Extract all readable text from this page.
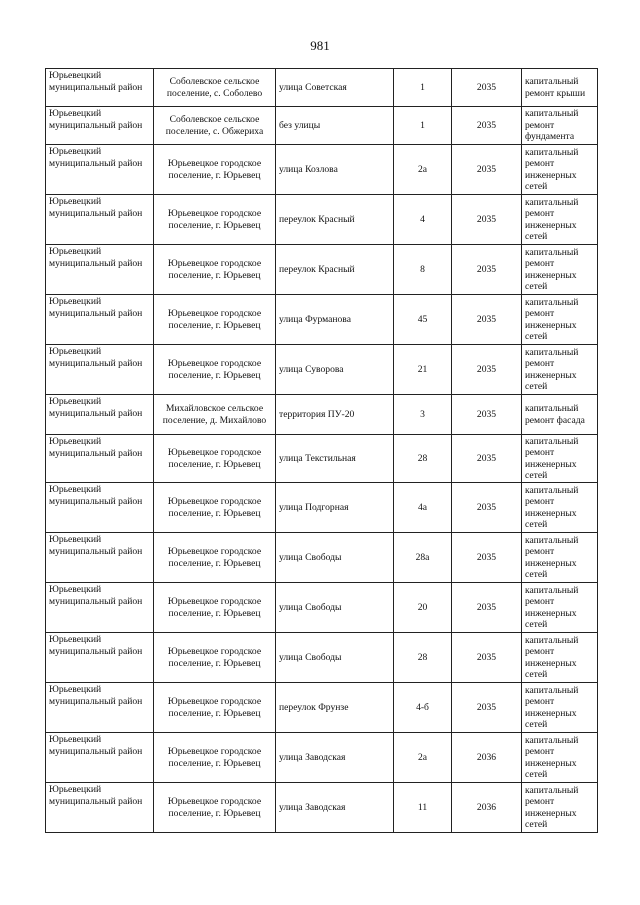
981
Юрьевецкий муниципальный район	Соболевское сельское поселение, с. Соболево	улица Советская	1	2035	капитальный ремонт крыши
Юрьевецкий муниципальный район	Соболевское сельское поселение, с. Обжериха	без улицы	1	2035	капитальный ремонт фундамента
Юрьевецкий муниципальный район	Юрьевецкое городское поселение, г. Юрьевец	улица Козлова	2а	2035	капитальный ремонт инженерных сетей
Юрьевецкий муниципальный район	Юрьевецкое городское поселение, г. Юрьевец	переулок Красный	4	2035	капитальный ремонт инженерных сетей
Юрьевецкий муниципальный район	Юрьевецкое городское поселение, г. Юрьевец	переулок Красный	8	2035	капитальный ремонт инженерных сетей
Юрьевецкий муниципальный район	Юрьевецкое городское поселение, г. Юрьевец	улица Фурманова	45	2035	капитальный ремонт инженерных сетей
Юрьевецкий муниципальный район	Юрьевецкое городское поселение, г. Юрьевец	улица Суворова	21	2035	капитальный ремонт инженерных сетей
Юрьевецкий муниципальный район	Михайловское сельское поселение, д. Михайлово	территория ПУ-20	3	2035	капитальный ремонт фасада
Юрьевецкий муниципальный район	Юрьевецкое городское поселение, г. Юрьевец	улица Текстильная	28	2035	капитальный ремонт инженерных сетей
Юрьевецкий муниципальный район	Юрьевецкое городское поселение, г. Юрьевец	улица Подгорная	4а	2035	капитальный ремонт инженерных сетей
Юрьевецкий муниципальный район	Юрьевецкое городское поселение, г. Юрьевец	улица Свободы	28а	2035	капитальный ремонт инженерных сетей
Юрьевецкий муниципальный район	Юрьевецкое городское поселение, г. Юрьевец	улица Свободы	20	2035	капитальный ремонт инженерных сетей
Юрьевецкий муниципальный район	Юрьевецкое городское поселение, г. Юрьевец	улица Свободы	28	2035	капитальный ремонт инженерных сетей
Юрьевецкий муниципальный район	Юрьевецкое городское поселение, г. Юрьевец	переулок Фрунзе	4-б	2035	капитальный ремонт инженерных сетей
Юрьевецкий муниципальный район	Юрьевецкое городское поселение, г. Юрьевец	улица Заводская	2а	2036	капитальный ремонт инженерных сетей
Юрьевецкий муниципальный район	Юрьевецкое городское поселение, г. Юрьевец	улица Заводская	11	2036	капитальный ремонт инженерных сетей
